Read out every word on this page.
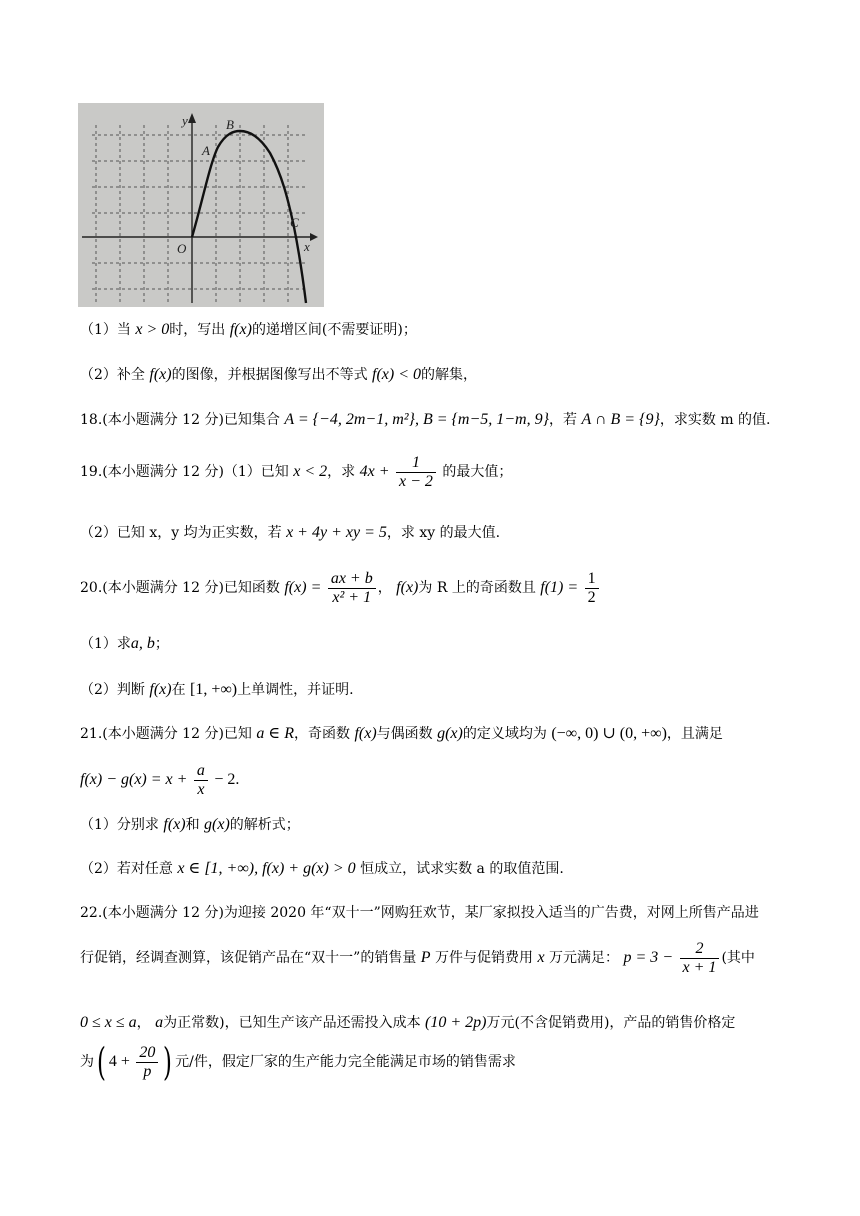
y
x
O
A
B
C
（1）当 x > 0时，写出 f(x)的递增区间(不需要证明)；
（2）补全 f(x)的图像，并根据图像写出不等式 f(x) < 0的解集，
18.(本小题满分 12 分)已知集合 A = {−4, 2m−1, m²}, B = {m−5, 1−m, 9}，若 A ∩ B = {9}，求实数 m 的值.
19.(本小题满分 12 分)（1）已知 x < 2，求 $4x + \frac{1}{x - 2}$ 的最大值；
（2）已知 x，y 均为正实数，若 x + 4y + xy = 5，求 xy 的最大值.
20.(本小题满分 12 分)已知函数 $f(x) = \frac{ax + b}{\text{x² + 1}}$ ， f(x)为 R 上的奇函数且 $f(1) = \frac{1}{2}$
（1）求a, b；
（2）判断 f(x)在 [1, +∞)上单调性，并证明.
21.(本小题满分 12 分)已知 a ∈ R，奇函数 f(x)与偶函数 g(x)的定义域均为 (−∞, 0) ∪ (0, +∞)，且满足
$f(x) - g(x) = x + \frac{a}{x} - 2$.
（1）分别求 f(x)和 g(x)的解析式；
（2）若对任意 x ∈ [1, +∞), f(x) + g(x) > 0 恒成立，试求实数 a 的取值范围.
22.(本小题满分 12 分)为迎接 2020 年“双十一”网购狂欢节，某厂家拟投入适当的广告费，对网上所售产品进
行促销，经调查测算，该促销产品在“双十一”的销售量 P 万件与促销费用 x 万元满足： $p = 3 - \frac{2}{x + 1}$ (其中
0 ≤ x ≤ a， a为正常数)，已知生产该产品还需投入成本 (10 + 2p)万元(不含促销费用)，产品的销售价格定
为( $4 + \frac{20}{p}$ ) 元/件，假定厂家的生产能力完全能满足市场的销售需求
